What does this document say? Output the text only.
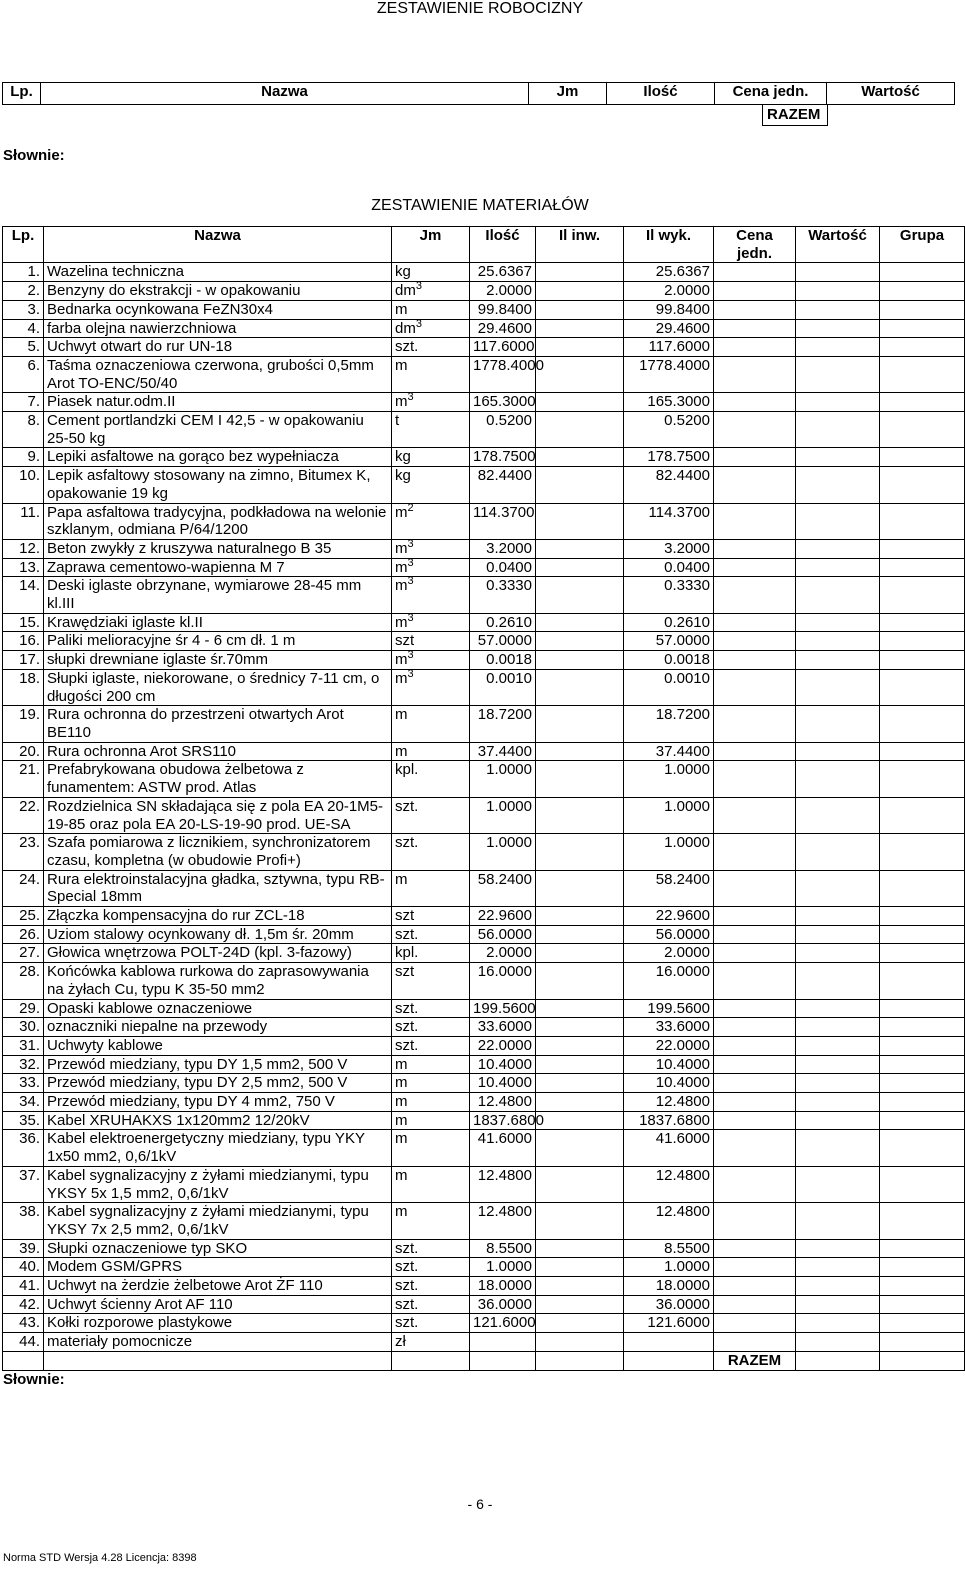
ZESTAWIENIE ROBOCIZNY
Lp.	Nazwa	Jm	Ilość	Cena jedn.	Wartość
RAZEM
Słownie:
ZESTAWIENIE MATERIAŁÓW
Lp.	Nazwa	Jm	Ilość	Il inw.	Il wyk.	Cena jedn.	Wartość	Grupa
1.	Wazelina techniczna	kg	25.6367		25.6367			
2.	Benzyny do ekstrakcji - w opakowaniu	$dm^3$	2.0000		2.0000			
3.	Bednarka ocynkowana FeZN30x4	m	99.8400		99.8400			
4.	farba olejna nawierzchniowa	$dm^3$	29.4600		29.4600			
5.	Uchwyt otwart do rur UN-18	szt.	117.6000		117.6000			
6.	Taśma oznaczeniowa czerwona, grubości 0,5mm Arot TO-ENC/50/40	m	1778.4000		1778.4000			
7.	Piasek natur.odm.II	$m^3$	165.3000		165.3000			
8.	Cement portlandzki CEM I 42,5 - w opakowaniu 25-50 kg	t	0.5200		0.5200			
9.	Lepiki asfaltowe na gorąco bez wypełniacza	kg	178.7500		178.7500			
10.	Lepik asfaltowy stosowany na zimno, Bitumex K, opakowanie 19 kg	kg	82.4400		82.4400			
11.	Papa asfaltowa tradycyjna, podkładowa na welonie szklanym, odmiana P/64/1200	$m^2$	114.3700		114.3700			
12.	Beton zwykły z kruszywa naturalnego B 35	$m^3$	3.2000		3.2000			
13.	Zaprawa cementowo-wapienna M 7	$m^3$	0.0400		0.0400			
14.	Deski iglaste obrzynane, wymiarowe 28-45 mm kl.III	$m^3$	0.3330		0.3330			
15.	Krawędziaki iglaste kl.II	$m^3$	0.2610		0.2610			
16.	Paliki melioracyjne śr 4 - 6 cm dł. 1 m	szt	57.0000		57.0000			
17.	słupki drewniane iglaste śr.70mm	$m^3$	0.0018		0.0018			
18.	Słupki iglaste, niekorowane, o średnicy 7-11 cm, o długości 200 cm	$m^3$	0.0010		0.0010			
19.	Rura ochronna do przestrzeni otwartych Arot BE110	m	18.7200		18.7200			
20.	Rura ochronna Arot SRS110	m	37.4400		37.4400			
21.	Prefabrykowana obudowa żelbetowa z funamentem: ASTW prod. Atlas	kpl.	1.0000		1.0000			
22.	Rozdzielnica SN składająca się z pola EA 20-1M5-19-85 oraz pola EA 20-LS-19-90 prod. UE-SA	szt.	1.0000		1.0000			
23.	Szafa pomiarowa z licznikiem, synchronizatorem czasu, kompletna (w obudowie Profi+)	szt.	1.0000		1.0000			
24.	Rura elektroinstalacyjna gładka, sztywna, typu RB-Special 18mm	m	58.2400		58.2400			
25.	Złączka kompensacyjna do rur ZCL-18	szt	22.9600		22.9600			
26.	Uziom stalowy ocynkowany dł. 1,5m śr. 20mm	szt.	56.0000		56.0000			
27.	Głowica wnętrzowa POLT-24D (kpl. 3-fazowy)	kpl.	2.0000		2.0000			
28.	Końcówka kablowa rurkowa do zaprasowywania na żyłach Cu, typu K 35-50 mm2	szt	16.0000		16.0000			
29.	Opaski kablowe oznaczeniowe	szt.	199.5600		199.5600			
30.	oznaczniki niepalne na przewody	szt.	33.6000		33.6000			
31.	Uchwyty kablowe	szt.	22.0000		22.0000			
32.	Przewód miedziany, typu DY 1,5 mm2, 500 V	m	10.4000		10.4000			
33.	Przewód miedziany, typu DY 2,5 mm2, 500 V	m	10.4000		10.4000			
34.	Przewód miedziany, typu DY 4 mm2, 750 V	m	12.4800		12.4800			
35.	Kabel XRUHAKXS 1x120mm2 12/20kV	m	1837.6800		1837.6800			
36.	Kabel elektroenergetyczny miedziany, typu YKY 1x50 mm2, 0,6/1kV	m	41.6000		41.6000			
37.	Kabel sygnalizacyjny z żyłami miedzianymi, typu YKSY 5x 1,5 mm2, 0,6/1kV	m	12.4800		12.4800			
38.	Kabel sygnalizacyjny z żyłami miedzianymi, typu YKSY 7x 2,5 mm2, 0,6/1kV	m	12.4800		12.4800			
39.	Słupki oznaczeniowe typ SKO	szt.	8.5500		8.5500			
40.	Modem GSM/GPRS	szt.	1.0000		1.0000			
41.	Uchwyt na żerdzie żelbetowe Arot ŻF 110	szt.	18.0000		18.0000			
42.	Uchwyt ścienny Arot AF 110	szt.	36.0000		36.0000			
43.	Kołki rozporowe plastykowe	szt.	121.6000		121.6000			
44.	materiały pomocnicze	zł						
						RAZEM		
Słownie:
- 6 -
Norma STD Wersja 4.28 Licencja: 8398
